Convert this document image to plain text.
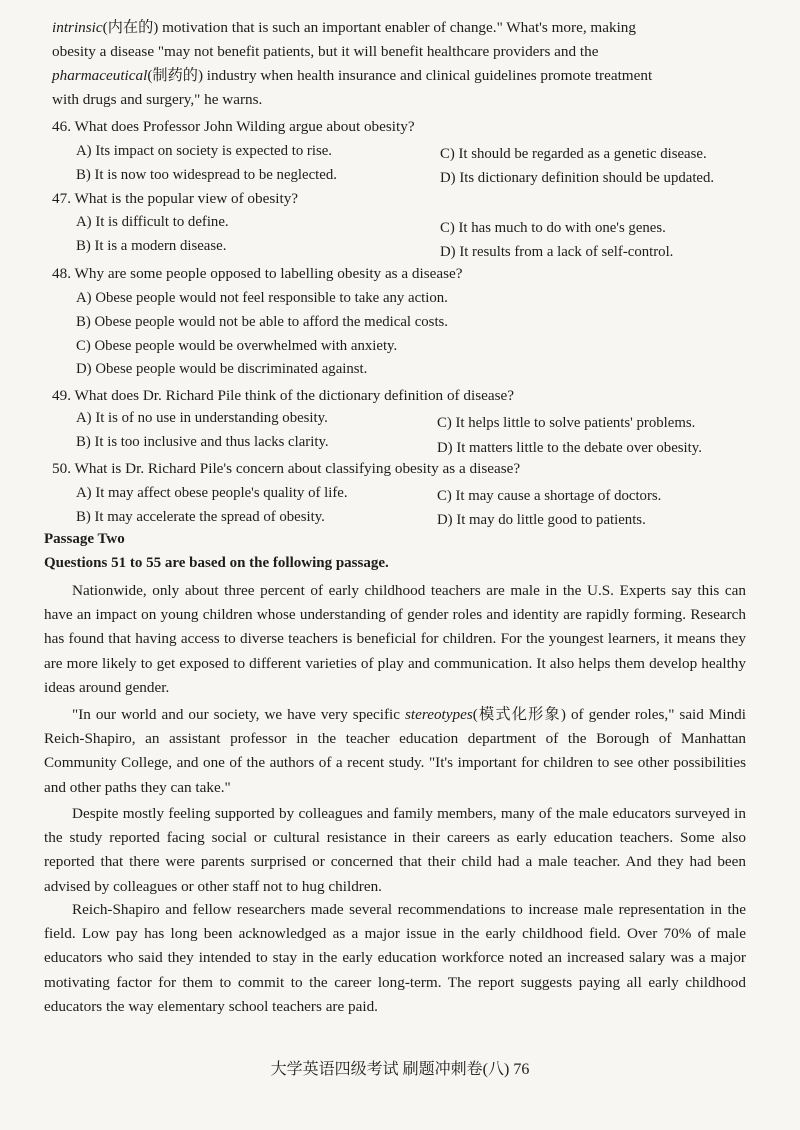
intrinsic(内在的) motivation that is such an important enabler of change." What's more, making

obesity a disease "may not benefit patients, but it will benefit healthcare providers and the

pharmaceutical(制药的) industry when health insurance and clinical guidelines promote treatment

with drugs and surgery," he warns.

46. What does Professor John Wilding argue about obesity?

A) Its impact on society is expected to rise.	C) It should be regarded as a genetic disease.

B) It is now too widespread to be neglected.	D) Its dictionary definition should be updated.

47. What is the popular view of obesity?

A) It is difficult to define.	C) It has much to do with one's genes.

B) It is a modern disease.	D) It results from a lack of self-control.

48. Why are some people opposed to labelling obesity as a disease?

A) Obese people would not feel responsible to take any action.

B) Obese people would not be able to afford the medical costs.

C) Obese people would be overwhelmed with anxiety.

D) Obese people would be discriminated against.

49. What does Dr. Richard Pile think of the dictionary definition of disease?

A) It is of no use in understanding obesity.	C) It helps little to solve patients' problems.

B) It is too inclusive and thus lacks clarity.	D) It matters little to the debate over obesity.

50. What is Dr. Richard Pile's concern about classifying obesity as a disease?

A) It may affect obese people's quality of life.	C) It may cause a shortage of doctors.

B) It may accelerate the spread of obesity.	D) It may do little good to patients.

Passage Two

Questions 51 to 55 are based on the following passage.

Nationwide, only about three percent of early childhood teachers are male in the U.S. Experts say this can have an impact on young children whose understanding of gender roles and identity are rapidly forming. Research has found that having access to diverse teachers is beneficial for children. For the youngest learners, it means they are more likely to get exposed to different varieties of play and communication. It also helps them develop healthy ideas around gender.

"In our world and our society, we have very specific stereotypes(模式化形象) of gender roles," said Mindi Reich-Shapiro, an assistant professor in the teacher education department of the Borough of Manhattan Community College, and one of the authors of a recent study. "It's important for children to see other possibilities and other paths they can take."

Despite mostly feeling supported by colleagues and family members, many of the male educators surveyed in the study reported facing social or cultural resistance in their careers as early education teachers. Some also reported that there were parents surprised or concerned that their child had a male teacher. And they had been advised by colleagues or other staff not to hug children.

Reich-Shapiro and fellow researchers made several recommendations to increase male representation in the field. Low pay has long been acknowledged as a major issue in the early childhood field. Over 70% of male educators who said they intended to stay in the early education workforce noted an increased salary was a major motivating factor for them to commit to the career long-term. The report suggests paying all early childhood educators the way elementary school teachers are paid.

大学英语四级考试 刷题冲刺卷(八) 76
